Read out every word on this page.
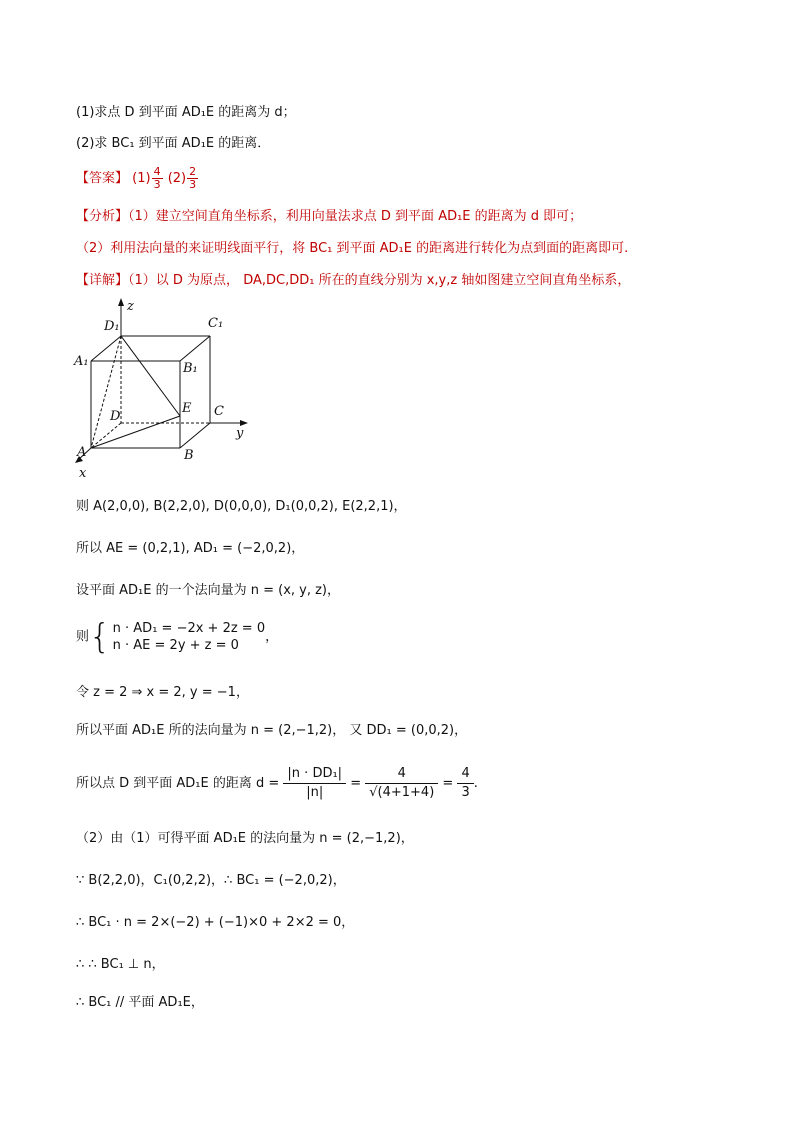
(1)求点 D 到平面 AD₁E 的距离为 d；
(2)求 BC₁ 到平面 AD₁E 的距离．
【答案】 $(1) \frac{4}{3} (2) \frac{2}{3}$
【分析】（1）建立空间直角坐标系，利用向量法求点 D 到平面 AD₁E 的距离为 d 即可；
（2）利用法向量的来证明线面平行，将 BC₁ 到平面 AD₁E 的距离进行转化为点到面的距离即可.
【详解】（1）以 D 为原点， DA,DC,DD₁ 所在的直线分别为 x,y,z 轴如图建立空间直角坐标系，
z
y
x
D₁	C₁
A₁	B₁
D
E C
A	B
则 A(2,0,0), B(2,2,0), D(0,0,0), D₁(0,0,2), E(2,2,1)，
所以 AE = (0,2,1), AD₁ = (−2,0,2)，
设平面 AD₁E 的一个法向量为 n = (x, y, z)，
则{ n · AD₁ = −2x + 2z = 0
n · AE = 2y + z = 0
，
令 z = 2 ⇒ x = 2, y = −1，
所以平面 AD₁E 所的法向量为 n = (2,−1,2)， 又 DD₁ = (0,0,2)，
所以点 D 到平面 AD₁E 的距离 $d = \frac{\text{|n · DD₁|}}{|n|} = \frac{4}{√(4+1+4)} = \frac{4}{3}$ .
（2）由（1）可得平面 AD₁E 的法向量为 n = (2,−1,2)，
∵ B(2,2,0)，C₁(0,2,2)，∴ BC₁ = (−2,0,2)，
∴ BC₁ · n = 2×(−2) + (−1)×0 + 2×2 = 0，
∴ ∴ BC₁ ⊥ n，
∴ BC₁ // 平面 AD₁E，
